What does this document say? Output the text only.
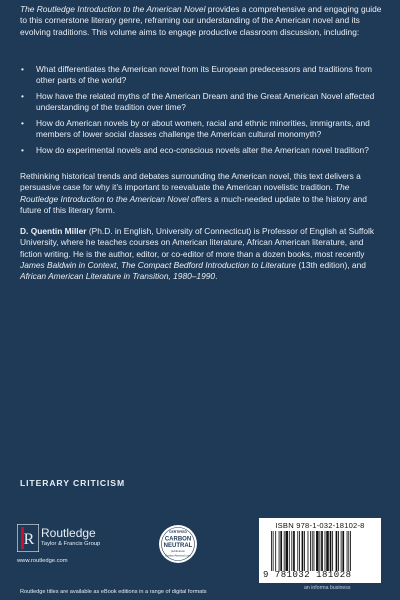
The Routledge Introduction to the American Novel provides a comprehensive and engaging guide to this cornerstone literary genre, reframing our understanding of the American novel and its evolving traditions. This volume aims to engage productive classroom discussion, including:

• What differentiates the American novel from its European predecessors and traditions from other parts of the world?
• How have the related myths of the American Dream and the Great American Novel affected understanding of the tradition over time?
• How do American novels by or about women, racial and ethnic minorities, immigrants, and members of lower social classes challenge the American cultural monomyth?
• How do experimental novels and eco-conscious novels alter the American novel tradition?

Rethinking historical trends and debates surrounding the American novel, this text delivers a persuasive case for why it’s important to reevaluate the American novelistic tradition. The Routledge Introduction to the American Novel offers a much-needed update to the history and future of this literary form.

D. Quentin Miller (Ph.D. in English, University of Connecticut) is Professor of English at Suffolk University, where he teaches courses on American literature, African American literature, and fiction writing. He is the author, editor, or co-editor of more than a dozen books, most recently James Baldwin in Context, The Compact Bedford Introduction to Literature (13th edition), and African American Literature in Transition, 1980–1990.

LITERARY CRITICISM
R Routledge
Taylor & Francis Group
www.routledge.com
CERTIFIED
CARBON
NEUTRAL
publication
CarbonNeutral.com
ISBN 978-1-032-18102-8
9 781032 181028
an informa business
Routledge titles are available as eBook editions in a range of digital formats
